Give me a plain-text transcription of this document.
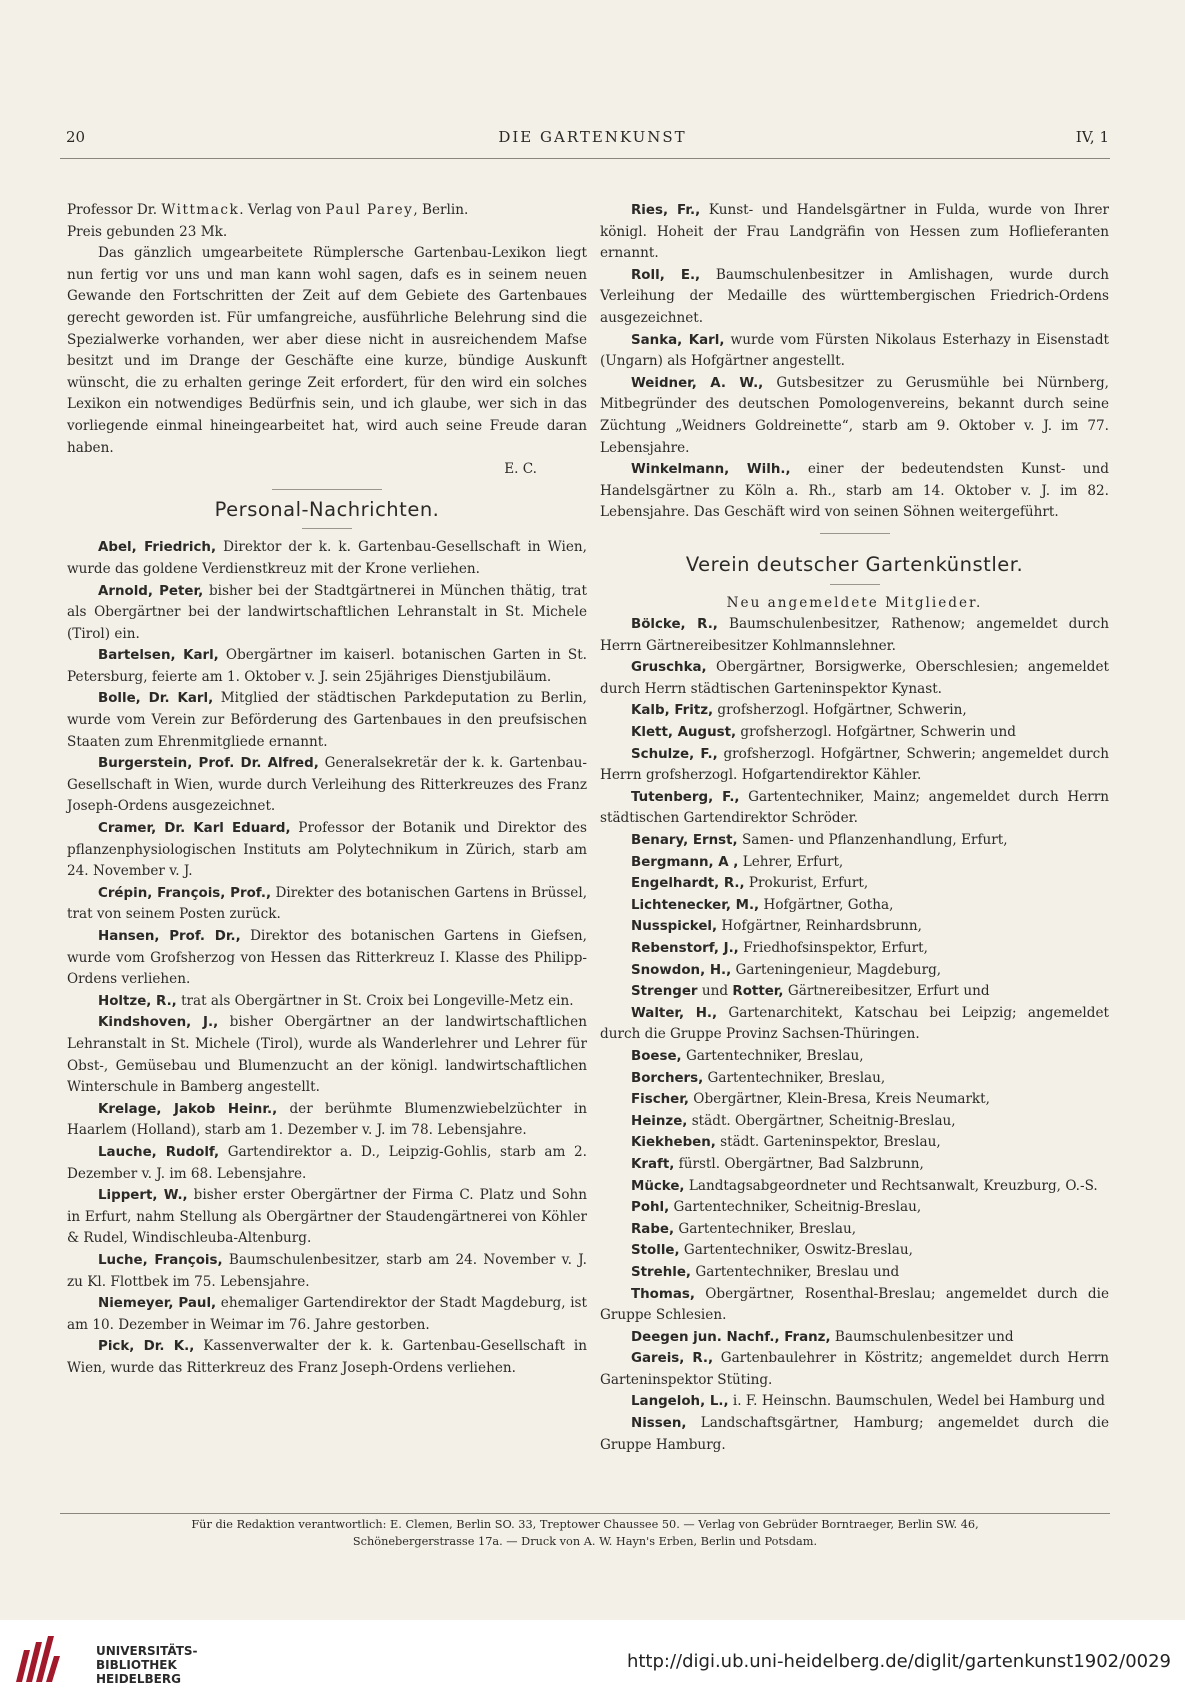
20	DIE GARTENKUNST	IV, 1

Professor Dr. Wittmack. Verlag von Paul Parey, Berlin.

Preis gebunden 23 Mk.

Das gänzlich umgearbeitete Rümplersche Gartenbau-Lexikon liegt nun fertig vor uns und man kann wohl sagen, dafs es in seinem neuen Gewande den Fortschritten der Zeit auf dem Gebiete des Gartenbaues gerecht geworden ist. Für umfangreiche, ausführliche Belehrung sind die Spezialwerke vorhanden, wer aber diese nicht in ausreichendem Mafse besitzt und im Drange der Geschäfte eine kurze, bündige Auskunft wünscht, die zu erhalten geringe Zeit erfordert, für den wird ein solches Lexikon ein notwendiges Bedürfnis sein, und ich glaube, wer sich in das vorliegende einmal hineingearbeitet hat, wird auch seine Freude daran haben.

E. C.
Personal-Nachrichten.

Abel, Friedrich, Direktor der k. k. Gartenbau-Gesellschaft in Wien, wurde das goldene Verdienstkreuz mit der Krone verliehen.

Arnold, Peter, bisher bei der Stadtgärtnerei in München thätig, trat als Obergärtner bei der landwirtschaftlichen Lehranstalt in St. Michele (Tirol) ein.

Bartelsen, Karl, Obergärtner im kaiserl. botanischen Garten in St. Petersburg, feierte am 1. Oktober v. J. sein 25jähriges Dienstjubiläum.

Bolle, Dr. Karl, Mitglied der städtischen Parkdeputation zu Berlin, wurde vom Verein zur Beförderung des Gartenbaues in den preufsischen Staaten zum Ehrenmitgliede ernannt.

Burgerstein, Prof. Dr. Alfred, Generalsekretär der k. k. Gartenbau-Gesellschaft in Wien, wurde durch Verleihung des Ritterkreuzes des Franz Joseph-Ordens ausgezeichnet.

Cramer, Dr. Karl Eduard, Professor der Botanik und Direktor des pflanzenphysiologischen Instituts am Polytechnikum in Zürich, starb am 24. November v. J.

Crépin, François, Prof., Direkter des botanischen Gartens in Brüssel, trat von seinem Posten zurück.

Hansen, Prof. Dr., Direktor des botanischen Gartens in Giefsen, wurde vom Grofsherzog von Hessen das Ritterkreuz I. Klasse des Philipp-Ordens verliehen.

Holtze, R., trat als Obergärtner in St. Croix bei Longeville-Metz ein.

Kindshoven, J., bisher Obergärtner an der landwirtschaftlichen Lehranstalt in St. Michele (Tirol), wurde als Wanderlehrer und Lehrer für Obst-, Gemüsebau und Blumenzucht an der königl. landwirtschaftlichen Winterschule in Bamberg angestellt.

Krelage, Jakob Heinr., der berühmte Blumenzwiebelzüchter in Haarlem (Holland), starb am 1. Dezember v. J. im 78. Lebensjahre.

Lauche, Rudolf, Gartendirektor a. D., Leipzig-Gohlis, starb am 2. Dezember v. J. im 68. Lebensjahre.

Lippert, W., bisher erster Obergärtner der Firma C. Platz und Sohn in Erfurt, nahm Stellung als Obergärtner der Staudengärtnerei von Köhler & Rudel, Windischleuba-Altenburg.

Luche, François, Baumschulenbesitzer, starb am 24. November v. J. zu Kl. Flottbek im 75. Lebensjahre.

Niemeyer, Paul, ehemaliger Gartendirektor der Stadt Magdeburg, ist am 10. Dezember in Weimar im 76. Jahre gestorben.

Pick, Dr. K., Kassenverwalter der k. k. Gartenbau-Gesellschaft in Wien, wurde das Ritterkreuz des Franz Joseph-Ordens verliehen.

Ries, Fr., Kunst- und Handelsgärtner in Fulda, wurde von Ihrer königl. Hoheit der Frau Landgräfin von Hessen zum Hoflieferanten ernannt.

Roll, E., Baumschulenbesitzer in Amlishagen, wurde durch Verleihung der Medaille des württembergischen Friedrich-Ordens ausgezeichnet.

Sanka, Karl, wurde vom Fürsten Nikolaus Esterhazy in Eisenstadt (Ungarn) als Hofgärtner angestellt.

Weidner, A. W., Gutsbesitzer zu Gerusmühle bei Nürnberg, Mitbegründer des deutschen Pomologenvereins, bekannt durch seine Züchtung „Weidners Goldreinette“, starb am 9. Oktober v. J. im 77. Lebensjahre.

Winkelmann, Wilh., einer der bedeutendsten Kunst- und Handelsgärtner zu Köln a. Rh., starb am 14. Oktober v. J. im 82. Lebensjahre. Das Geschäft wird von seinen Söhnen weitergeführt.

Verein deutscher Gartenkünstler.
Neu angemeldete Mitglieder.

Bölcke, R., Baumschulenbesitzer, Rathenow; angemeldet durch Herrn Gärtnereibesitzer Kohlmannslehner.

Gruschka, Obergärtner, Borsigwerke, Oberschlesien; angemeldet durch Herrn städtischen Garteninspektor Kynast.

Kalb, Fritz, grofsherzogl. Hofgärtner, Schwerin,

Klett, August, grofsherzogl. Hofgärtner, Schwerin und

Schulze, F., grofsherzogl. Hofgärtner, Schwerin; angemeldet durch Herrn grofsherzogl. Hofgartendirektor Kähler.

Tutenberg, F., Gartentechniker, Mainz; angemeldet durch Herrn städtischen Gartendirektor Schröder.

Benary, Ernst, Samen- und Pflanzenhandlung, Erfurt,

Bergmann, A , Lehrer, Erfurt,

Engelhardt, R., Prokurist, Erfurt,

Lichtenecker, M., Hofgärtner, Gotha,

Nusspickel, Hofgärtner, Reinhardsbrunn,

Rebenstorf, J., Friedhofsinspektor, Erfurt,

Snowdon, H., Garteningenieur, Magdeburg,

Strenger und Rotter, Gärtnereibesitzer, Erfurt und

Walter, H., Gartenarchitekt, Katschau bei Leipzig; angemeldet durch die Gruppe Provinz Sachsen-Thüringen.

Boese, Gartentechniker, Breslau,

Borchers, Gartentechniker, Breslau,

Fischer, Obergärtner, Klein-Bresa, Kreis Neumarkt,

Heinze, städt. Obergärtner, Scheitnig-Breslau,

Kiekheben, städt. Garteninspektor, Breslau,

Kraft, fürstl. Obergärtner, Bad Salzbrunn,

Mücke, Landtagsabgeordneter und Rechtsanwalt, Kreuzburg, O.-S.

Pohl, Gartentechniker, Scheitnig-Breslau,

Rabe, Gartentechniker, Breslau,

Stolle, Gartentechniker, Oswitz-Breslau,

Strehle, Gartentechniker, Breslau und

Thomas, Obergärtner, Rosenthal-Breslau; angemeldet durch die Gruppe Schlesien.

Deegen jun. Nachf., Franz, Baumschulenbesitzer und

Gareis, R., Gartenbaulehrer in Köstritz; angemeldet durch Herrn Garteninspektor Stüting.

Langeloh, L., i. F. Heinschn. Baumschulen, Wedel bei Hamburg und

Nissen, Landschaftsgärtner, Hamburg; angemeldet durch die Gruppe Hamburg.

Für die Redaktion verantwortlich: E. Clemen, Berlin SO. 33, Treptower Chaussee 50. — Verlag von Gebrüder Borntraeger, Berlin SW. 46,
Schönebergerstrasse 17a. — Druck von A. W. Hayn's Erben, Berlin und Potsdam.
UNIVERSITÄTS-
BIBLIOTHEK
HEIDELBERG
http://digi.ub.uni-heidelberg.de/diglit/gartenkunst1902/0029
